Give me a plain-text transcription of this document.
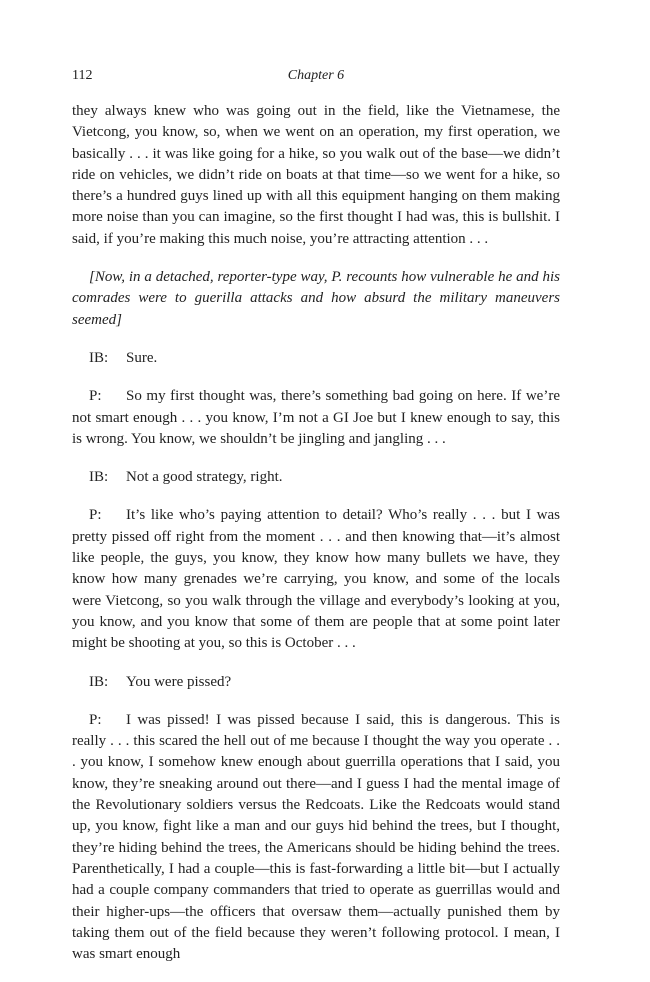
112	Chapter 6

they always knew who was going out in the field, like the Vietnamese, the Vietcong, you know, so, when we went on an operation, my first operation, we basically . . . it was like going for a hike, so you walk out of the base—we didn’t ride on vehicles, we didn’t ride on boats at that time—so we went for a hike, so there’s a hundred guys lined up with all this equipment hanging on them making more noise than you can imagine, so the first thought I had was, this is bullshit. I said, if you’re making this much noise, you’re attracting attention . . .

[Now, in a detached, reporter-type way, P. recounts how vulnerable he and his comrades were to guerilla attacks and how absurd the military maneuvers seemed]

IB: Sure.

P: So my first thought was, there’s something bad going on here. If we’re not smart enough . . . you know, I’m not a GI Joe but I knew enough to say, this is wrong. You know, we shouldn’t be jingling and jangling . . .

IB: Not a good strategy, right.

P: It’s like who’s paying attention to detail? Who’s really . . . but I was pretty pissed off right from the moment . . . and then knowing that—it’s almost like people, the guys, you know, they know how many bullets we have, they know how many grenades we’re carrying, you know, and some of the locals were Vietcong, so you walk through the village and everybody’s looking at you, you know, and you know that some of them are people that at some point later might be shooting at you, so this is October . . .

IB: You were pissed?

P: I was pissed! I was pissed because I said, this is dangerous. This is really . . . this scared the hell out of me because I thought the way you operate . . . you know, I somehow knew enough about guerrilla operations that I said, you know, they’re sneaking around out there—and I guess I had the mental image of the Revolutionary soldiers versus the Redcoats. Like the Redcoats would stand up, you know, fight like a man and our guys hid behind the trees, but I thought, they’re hiding behind the trees, the Americans should be hiding behind the trees. Parenthetically, I had a couple—this is fast-forwarding a little bit—but I actually had a couple company commanders that tried to operate as guerrillas would and their higher-ups—the officers that oversaw them—actually punished them by taking them out of the field because they weren’t following protocol. I mean, I was smart enough
